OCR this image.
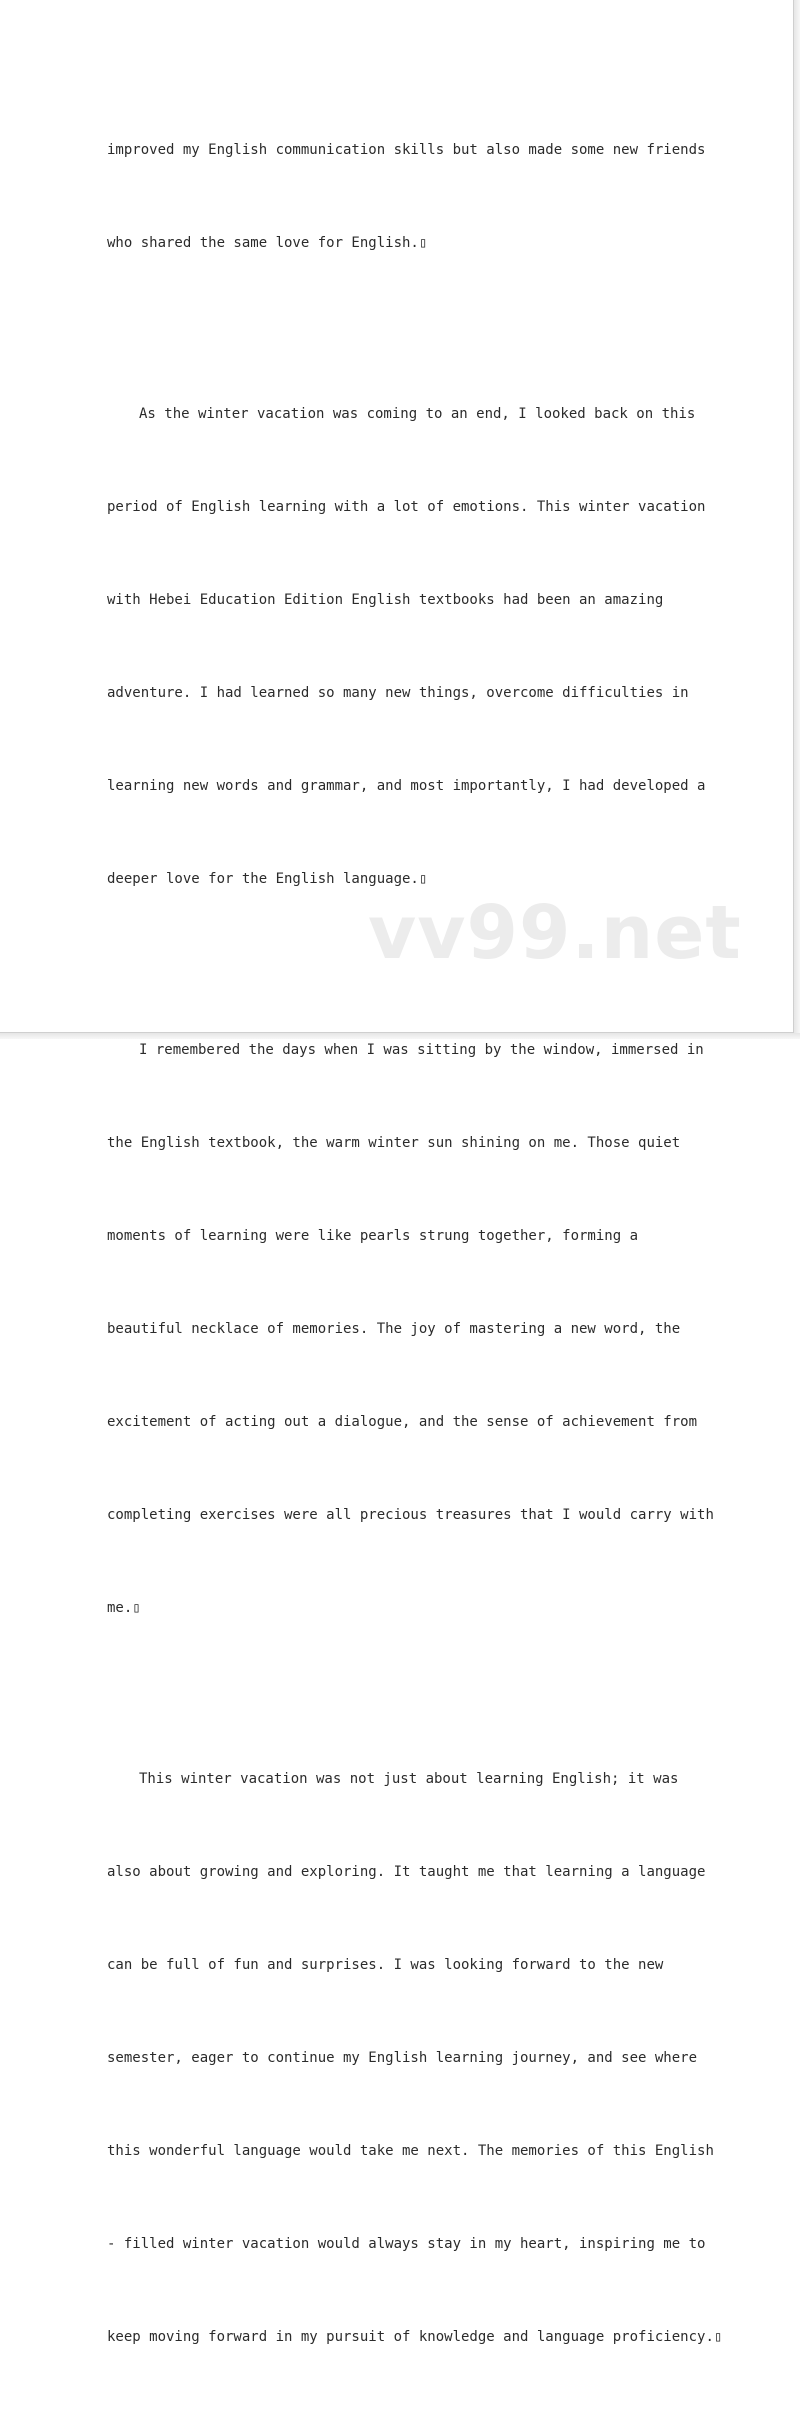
improved my English communication skills but also made some new friends

who shared the same love for English.▯

As the winter vacation was coming to an end, I looked back on this

period of English learning with a lot of emotions. This winter vacation

with Hebei Education Edition English textbooks had been an amazing

adventure. I had learned so many new things, overcome difficulties in

learning new words and grammar, and most importantly, I had developed a

deeper love for the English language.▯

I remembered the days when I was sitting by the window, immersed in

the English textbook, the warm winter sun shining on me. Those quiet

moments of learning were like pearls strung together, forming a

beautiful necklace of memories. The joy of mastering a new word, the

excitement of acting out a dialogue, and the sense of achievement from

completing exercises were all precious treasures that I would carry with

me.▯

This winter vacation was not just about learning English; it was

also about growing and exploring. It taught me that learning a language

can be full of fun and surprises. I was looking forward to the new

semester, eager to continue my English learning journey, and see where

this wonderful language would take me next. The memories of this English

- filled winter vacation would always stay in my heart, inspiring me to

keep moving forward in my pursuit of knowledge and language proficiency.▯

vv99.net
